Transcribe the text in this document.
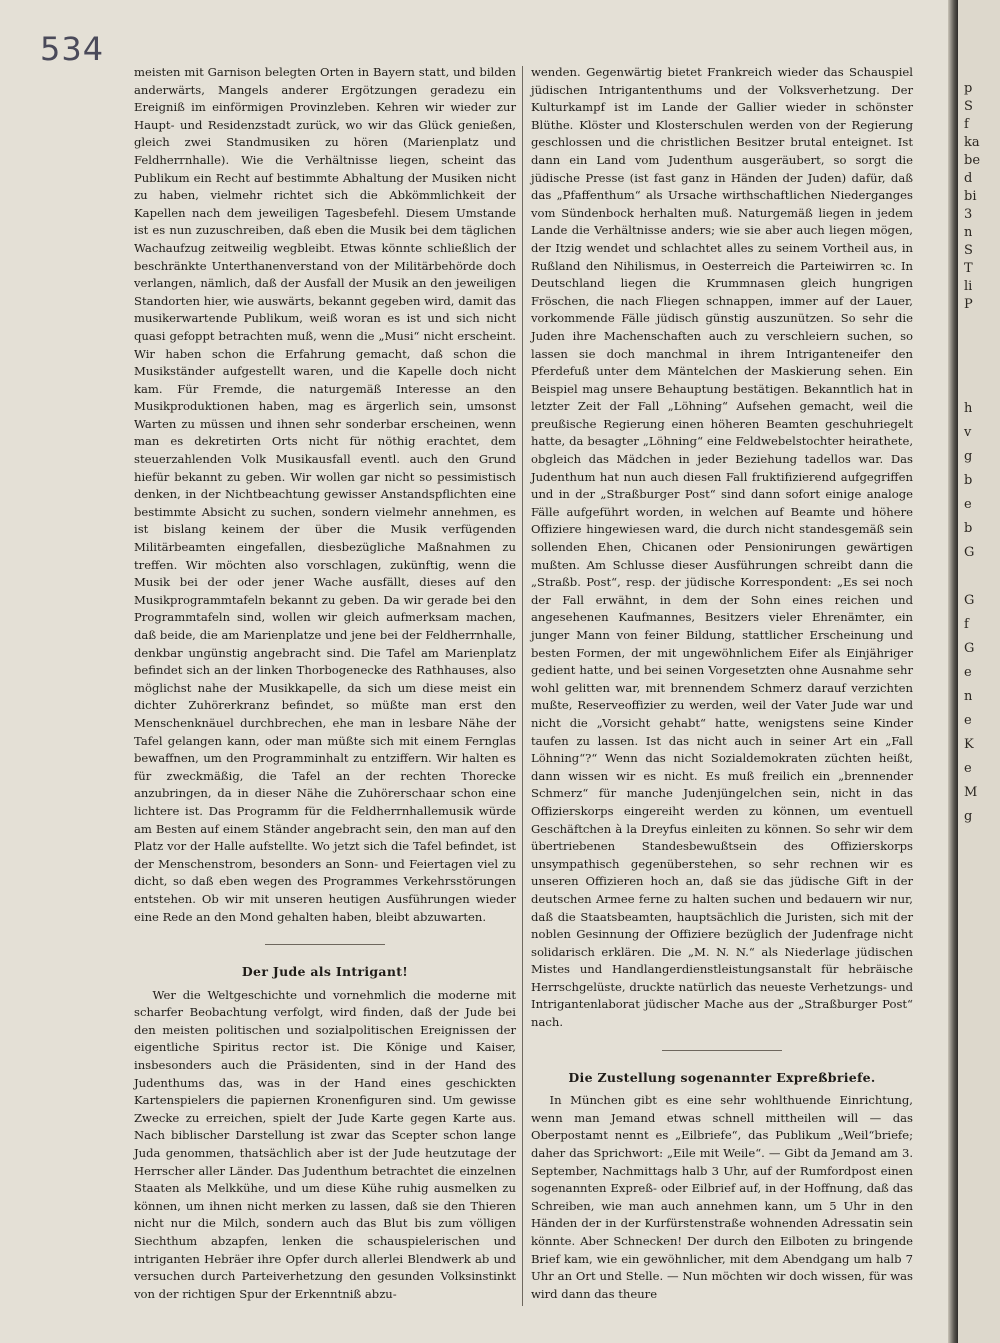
534

meisten mit Garnison belegten Orten in Bayern statt, und bilden anderwärts, Mangels anderer Ergötzungen geradezu ein Ereigniß im einförmigen Provinzleben. Kehren wir wieder zur Haupt- und Residenzstadt zurück, wo wir das Glück genießen, gleich zwei Standmusiken zu hören (Marienplatz und Feldherrnhalle). Wie die Verhältnisse liegen, scheint das Publikum ein Recht auf bestimmte Abhaltung der Musiken nicht zu haben, vielmehr richtet sich die Abkömmlichkeit der Kapellen nach dem jeweiligen Tagesbefehl. Diesem Umstande ist es nun zuzuschreiben, daß eben die Musik bei dem täglichen Wachaufzug zeitweilig wegbleibt. Etwas könnte schließlich der beschränkte Unterthanenverstand von der Militärbehörde doch verlangen, nämlich, daß der Ausfall der Musik an den jeweiligen Standorten hier, wie auswärts, bekannt gegeben wird, damit das musikerwartende Publikum, weiß woran es ist und sich nicht quasi gefoppt betrachten muß, wenn die „Musi“ nicht erscheint. Wir haben schon die Erfahrung gemacht, daß schon die Musikständer aufgestellt waren, und die Kapelle doch nicht kam. Für Fremde, die naturgemäß Interesse an den Musikproduktionen haben, mag es ärgerlich sein, umsonst Warten zu müssen und ihnen sehr sonderbar erscheinen, wenn man es dekretirten Orts nicht für nöthig erachtet, dem steuerzahlenden Volk Musikausfall eventl. auch den Grund hiefür bekannt zu geben. Wir wollen gar nicht so pessimistisch denken, in der Nichtbeachtung gewisser Anstandspflichten eine bestimmte Absicht zu suchen, sondern vielmehr annehmen, es ist bislang keinem der über die Musik verfügenden Militärbeamten eingefallen, diesbezügliche Maßnahmen zu treffen. Wir möchten also vorschlagen, zukünftig, wenn die Musik bei der oder jener Wache ausfällt, dieses auf den Musikprogrammtafeln bekannt zu geben. Da wir gerade bei den Programmtafeln sind, wollen wir gleich aufmerksam machen, daß beide, die am Marienplatze und jene bei der Feldherrnhalle, denkbar ungünstig angebracht sind. Die Tafel am Marienplatz befindet sich an der linken Thorbogenecke des Rathhauses, also möglichst nahe der Musikkapelle, da sich um diese meist ein dichter Zuhörerkranz befindet, so müßte man erst den Menschenknäuel durchbrechen, ehe man in lesbare Nähe der Tafel gelangen kann, oder man müßte sich mit einem Fernglas bewaffnen, um den Programminhalt zu entziffern. Wir halten es für zweckmäßig, die Tafel an der rechten Thorecke anzubringen, da in dieser Nähe die Zuhörerschaar schon eine lichtere ist. Das Programm für die Feldherrnhallemusik würde am Besten auf einem Ständer angebracht sein, den man auf den Platz vor der Halle aufstellte. Wo jetzt sich die Tafel befindet, ist der Menschenstrom, besonders an Sonn- und Feiertagen viel zu dicht, so daß eben wegen des Programmes Verkehrsstörungen entstehen. Ob wir mit unseren heutigen Ausführungen wieder eine Rede an den Mond gehalten haben, bleibt abzuwarten.

Der Jude als Intrigant!

Wer die Weltgeschichte und vornehmlich die moderne mit scharfer Beobachtung verfolgt, wird finden, daß der Jude bei den meisten politischen und sozialpolitischen Ereignissen der eigentliche Spiritus rector ist. Die Könige und Kaiser, insbesonders auch die Präsidenten, sind in der Hand des Judenthums das, was in der Hand eines geschickten Kartenspielers die papiernen Kronenfiguren sind. Um gewisse Zwecke zu erreichen, spielt der Jude Karte gegen Karte aus. Nach biblischer Darstellung ist zwar das Scepter schon lange Juda genommen, thatsächlich aber ist der Jude heutzutage der Herrscher aller Länder. Das Judenthum betrachtet die einzelnen Staaten als Melkkühe, und um diese Kühe ruhig ausmelken zu können, um ihnen nicht merken zu lassen, daß sie den Thieren nicht nur die Milch, sondern auch das Blut bis zum völligen Siechthum abzapfen, lenken die schauspielerischen und intriganten Hebräer ihre Opfer durch allerlei Blendwerk ab und versuchen durch Parteiverhetzung den gesunden Volksinstinkt von der richtigen Spur der Erkenntniß abzu-

wenden. Gegenwärtig bietet Frankreich wieder das Schauspiel jüdischen Intrigantenthums und der Volksverhetzung. Der Kulturkampf ist im Lande der Gallier wieder in schönster Blüthe. Klöster und Klosterschulen werden von der Regierung geschlossen und die christlichen Besitzer brutal enteignet. Ist dann ein Land vom Judenthum ausgeräubert, so sorgt die jüdische Presse (ist fast ganz in Händen der Juden) dafür, daß das „Pfaffenthum“ als Ursache wirthschaftlichen Niederganges vom Sündenbock herhalten muß. Naturgemäß liegen in jedem Lande die Verhältnisse anders; wie sie aber auch liegen mögen, der Itzig wendet und schlachtet alles zu seinem Vortheil aus, in Rußland den Nihilismus, in Oesterreich die Parteiwirren ꝛc. In Deutschland liegen die Krummnasen gleich hungrigen Fröschen, die nach Fliegen schnappen, immer auf der Lauer, vorkommende Fälle jüdisch günstig auszunützen. So sehr die Juden ihre Machenschaften auch zu verschleiern suchen, so lassen sie doch manchmal in ihrem Intriganteneifer den Pferdefuß unter dem Mäntelchen der Maskierung sehen. Ein Beispiel mag unsere Behauptung bestätigen. Bekanntlich hat in letzter Zeit der Fall „Löhning“ Aufsehen gemacht, weil die preußische Regierung einen höheren Beamten geschuhriegelt hatte, da besagter „Löhning“ eine Feldwebelstochter heirathete, obgleich das Mädchen in jeder Beziehung tadellos war. Das Judenthum hat nun auch diesen Fall fruktifizierend aufgegriffen und in der „Straßburger Post“ sind dann sofort einige analoge Fälle aufgeführt worden, in welchen auf Beamte und höhere Offiziere hingewiesen ward, die durch nicht standesgemäß sein sollenden Ehen, Chicanen oder Pensionirungen gewärtigen mußten. Am Schlusse dieser Ausführungen schreibt dann die „Straßb. Post“, resp. der jüdische Korrespondent: „Es sei noch der Fall erwähnt, in dem der Sohn eines reichen und angesehenen Kaufmannes, Besitzers vieler Ehrenämter, ein junger Mann von feiner Bildung, stattlicher Erscheinung und besten Formen, der mit ungewöhnlichem Eifer als Einjähriger gedient hatte, und bei seinen Vorgesetzten ohne Ausnahme sehr wohl gelitten war, mit brennendem Schmerz darauf verzichten mußte, Reserveoffizier zu werden, weil der Vater Jude war und nicht die „Vorsicht gehabt“ hatte, wenigstens seine Kinder taufen zu lassen. Ist das nicht auch in seiner Art ein „Fall Löhning“?“ Wenn das nicht Sozialdemokraten züchten heißt, dann wissen wir es nicht. Es muß freilich ein „brennender Schmerz“ für manche Judenjüngelchen sein, nicht in das Offizierskorps eingereiht werden zu können, um eventuell Geschäftchen à la Dreyfus einleiten zu können. So sehr wir dem übertriebenen Standesbewußtsein des Offizierskorps unsympathisch gegenüberstehen, so sehr rechnen wir es unseren Offizieren hoch an, daß sie das jüdische Gift in der deutschen Armee ferne zu halten suchen und bedauern wir nur, daß die Staatsbeamten, hauptsächlich die Juristen, sich mit der noblen Gesinnung der Offiziere bezüglich der Judenfrage nicht solidarisch erklären. Die „M. N. N.“ als Niederlage jüdischen Mistes und Handlangerdienstleistungsanstalt für hebräische Herrschgelüste, druckte natürlich das neueste Verhetzungs- und Intrigantenlaborat jüdischer Mache aus der „Straßburger Post“ nach.

Die Zustellung sogenannter Expreßbriefe.

In München gibt es eine sehr wohlthuende Einrichtung, wenn man Jemand etwas schnell mittheilen will — das Oberpostamt nennt es „Eilbriefe“, das Publikum „Weil“briefe; daher das Sprichwort: „Eile mit Weile“. — Gibt da Jemand am 3. September, Nachmittags halb 3 Uhr, auf der Rumfordpost einen sogenannten Expreß- oder Eilbrief auf, in der Hoffnung, daß das Schreiben, wie man auch annehmen kann, um 5 Uhr in den Händen der in der Kurfürstenstraße wohnenden Adressatin sein könnte. Aber Schnecken! Der durch den Eilboten zu bringende Brief kam, wie ein gewöhnlicher, mit dem Abendgang um halb 7 Uhr an Ort und Stelle. — Nun möchten wir doch wissen, für was wird dann das theure

p
S
f
ka
be
d
bi
3
n
S
T
li
P
h
v
g
b
e
b
G
G
f
G
e
n
e
K
e
M
g
